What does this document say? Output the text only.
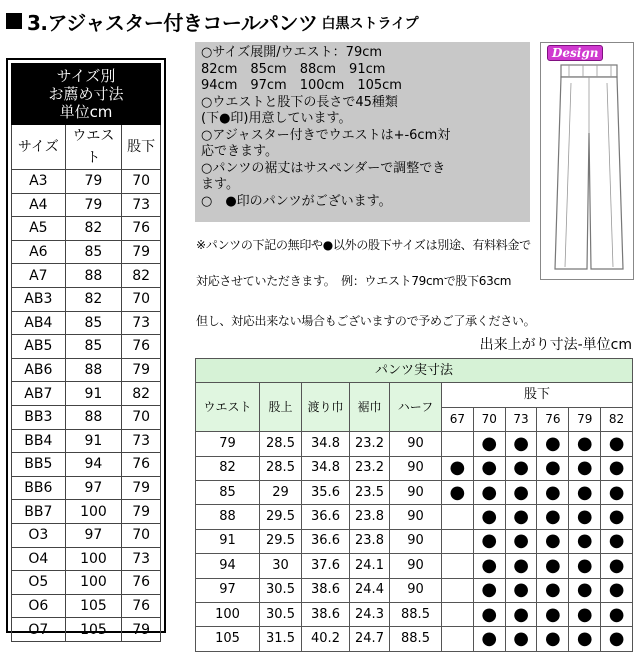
3.アジャスター付きコールパンツ 白黒ストライプ
サイズ別
お薦め寸法
単位cm		

サイズ	ウエスト	股下
A3	79	70
A4	79	73
A5	82	76
A6	85	79
A7	88	82
AB3	82	70
AB4	85	73
AB5	85	76
AB6	88	79
AB7	91	82
BB3	88	70
BB4	91	73
BB5	94	76
BB6	97	79
BB7	100	79
O3	97	70
O4	100	73
O5	100	76
O6	105	76
O7	105	79
○サイズ展開/ウエスト：79cm
82cm　85cm　88cm　91cm
94cm　97cm　100cm　105cm
○ウエストと股下の長さで45種類
(下●印)用意しています。
○アジャスター付きでウエストは+-6cm対
応できます。
○パンツの裾丈はサスペンダーで調整でき
ます。
○　●印のパンツがございます。
Design
※パンツの下記の無印や●以外の股下サイズは別途、有料料金で
対応させていただきます。　例：ウエスト79cmで股下63cm
但し、対応出来ない場合もございますので予めご了承ください。
出来上がり寸法-単位cm
パンツ実寸法										
ウエスト	股上	渡り巾	裾巾	ハーフ	股下					
					67	70	73	76	79	82
79	28.5	34.8	23.2	90		●	●	●	●	●
82	28.5	34.8	23.2	90	●	●	●	●	●	●
85	29	35.6	23.5	90	●	●	●	●	●	●
88	29.5	36.6	23.8	90		●	●	●	●	●
91	29.5	36.6	23.8	90		●	●	●	●	●
94	30	37.6	24.1	90		●	●	●	●	●
97	30.5	38.6	24.4	90		●	●	●	●	●
100	30.5	38.6	24.3	88.5		●	●	●	●	●
105	31.5	40.2	24.7	88.5		●	●	●	●	●
